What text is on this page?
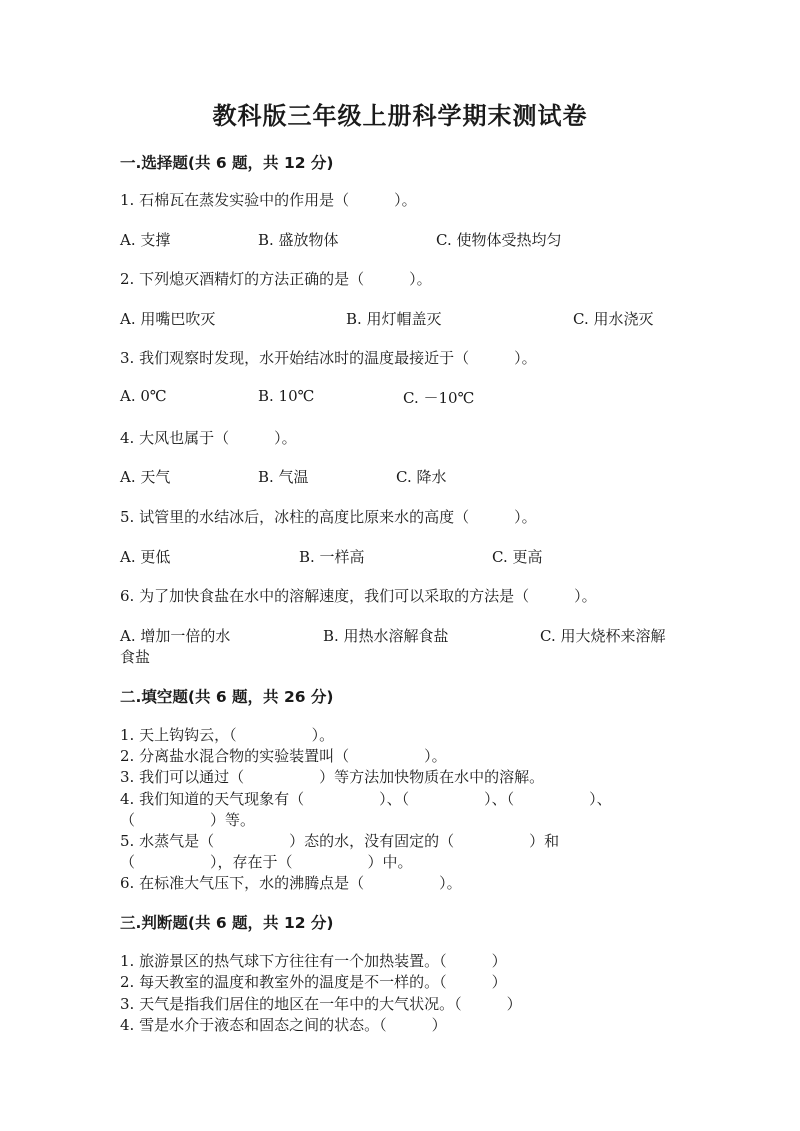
教科版三年级上册科学期末测试卷
一.选择题(共 6 题，共 12 分)
1. 石棉瓦在蒸发实验中的作用是（　　　）。
A. 支撑	B. 盛放物体	C. 使物体受热均匀
2. 下列熄灭酒精灯的方法正确的是（　　　）。
A. 用嘴巴吹灭	B. 用灯帽盖灭	C. 用水浇灭
3. 我们观察时发现，水开始结冰时的温度最接近于（　　　）。
A. 0℃	B. 10℃	C. －10℃
4. 大风也属于（　　　）。
A. 天气	B. 气温	C. 降水
5. 试管里的水结冰后，冰柱的高度比原来水的高度（　　　）。
A. 更低	B. 一样高	C. 更高
6. 为了加快食盐在水中的溶解速度，我们可以采取的方法是（　　　）。
A. 增加一倍的水	B. 用热水溶解食盐	C. 用大烧杯来溶解
食盐
二.填空题(共 6 题，共 26 分)
1. 天上钩钩云，（　　　　　）。
2. 分离盐水混合物的实验装置叫（　　　　　）。
3. 我们可以通过（　　　　　）等方法加快物质在水中的溶解。
4. 我们知道的天气现象有（　　　　　）、（　　　　　）、（　　　　　）、
（　　　　　）等。
5. 水蒸气是（　　　　　）态的水，没有固定的（　　　　　）和
（　　　　　），存在于（　　　　　）中。
6. 在标准大气压下，水的沸腾点是（　　　　　）。
三.判断题(共 6 题，共 12 分)
1. 旅游景区的热气球下方往往有一个加热装置。（　　　）
2. 每天教室的温度和教室外的温度是不一样的。（　　　）
3. 天气是指我们居住的地区在一年中的大气状况。（　　　）
4. 雪是水介于液态和固态之间的状态。（　　　）
